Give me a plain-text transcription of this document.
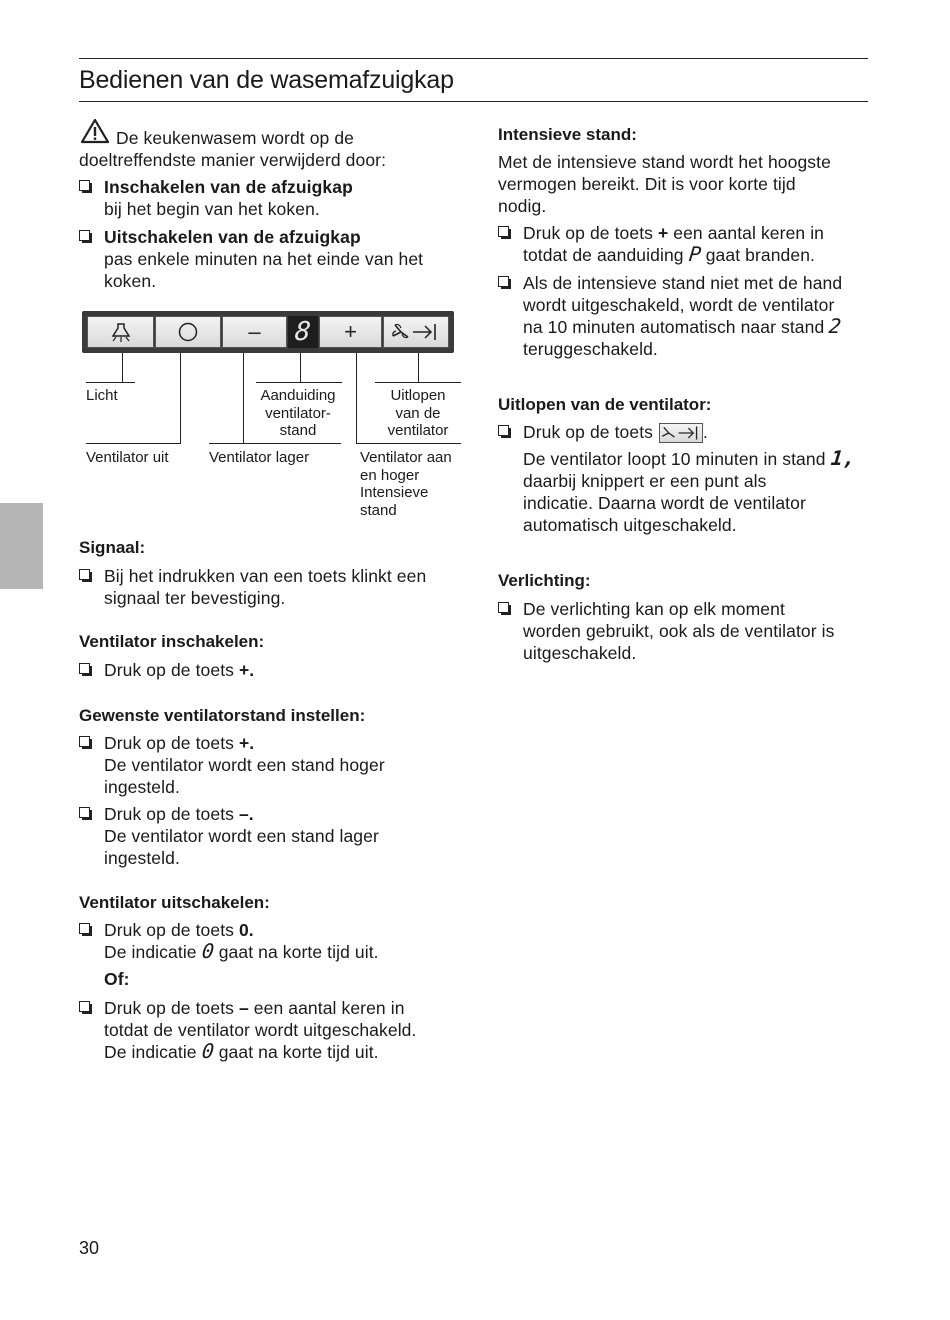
Bedienen van de wasemafzuigkap
De keukenwasem wordt op de
doeltreffendste manier verwijderd door:
Inschakelen van de afzuigkap
bij het begin van het koken.
Uitschakelen van de afzuigkap
pas enkele minuten na het einde van het
koken.
– 8 +
Licht
Ventilator uit	Ventilator lager
Aanduiding
ventilator-
stand
Ventilator aan
en hoger
Intensieve
stand
Uitlopen
van de
ventilator
Signaal:
Bij het indrukken van een toets klinkt een
signaal ter bevestiging.
Ventilator inschakelen:
Druk op de toets +.
Gewenste ventilatorstand instellen:
Druk op de toets +.
De ventilator wordt een stand hoger
ingesteld.
Druk op de toets –.
De ventilator wordt een stand lager
ingesteld.
Ventilator uitschakelen:
Druk op de toets 0.
De indicatie 0 gaat na korte tijd uit.
Of:
Druk op de toets – een aantal keren in
totdat de ventilator wordt uitgeschakeld.
De indicatie 0 gaat na korte tijd uit.
Intensieve stand:
Met de intensieve stand wordt het hoogste
vermogen bereikt. Dit is voor korte tijd
nodig.
Druk op de toets + een aantal keren in
totdat de aanduiding P gaat branden.
Als de intensieve stand niet met de hand
wordt uitgeschakeld, wordt de ventilator
na 10 minuten automatisch naar stand 2
teruggeschakeld.
Uitlopen van de ventilator:
Druk op de toets	.
De ventilator loopt 10 minuten in stand 1,
daarbij knippert er een punt als
indicatie. Daarna wordt de ventilator
automatisch uitgeschakeld.
Verlichting:
De verlichting kan op elk moment
worden gebruikt, ook als de ventilator is
uitgeschakeld.
30
